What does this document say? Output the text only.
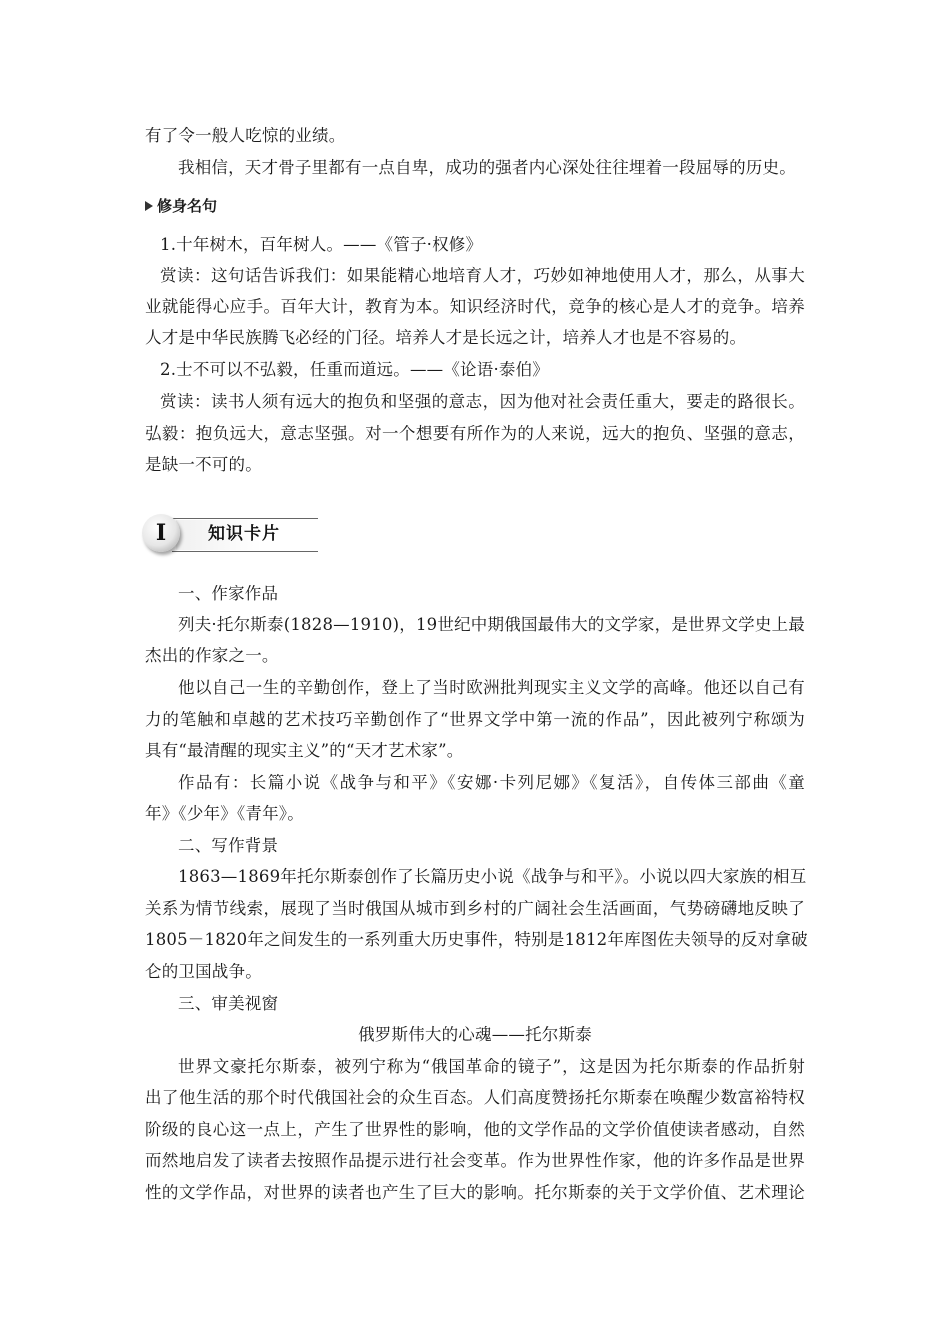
有了令一般人吃惊的业绩。
我相信，天才骨子里都有一点自卑，成功的强者内心深处往往埋着一段屈辱的历史。
修身名句
1.十年树木，百年树人。——《管子·权修》
赏读：这句话告诉我们：如果能精心地培育人才，巧妙如神地使用人才，那么，从事大
业就能得心应手。百年大计，教育为本。知识经济时代，竞争的核心是人才的竞争。培养
人才是中华民族腾飞必经的门径。培养人才是长远之计，培养人才也是不容易的。
2.士不可以不弘毅，任重而道远。——《论语·泰伯》
赏读：读书人须有远大的抱负和坚强的意志，因为他对社会责任重大，要走的路很长。
弘毅：抱负远大，意志坚强。对一个想要有所作为的人来说，远大的抱负、坚强的意志，
是缺一不可的。
I	知识卡片
一、作家作品
列夫·托尔斯泰(1828—1910)，19世纪中期俄国最伟大的文学家，是世界文学史上最
杰出的作家之一。
他以自己一生的辛勤创作，登上了当时欧洲批判现实主义文学的高峰。他还以自己有
力的笔触和卓越的艺术技巧辛勤创作了“世界文学中第一流的作品”，因此被列宁称颂为
具有“最清醒的现实主义”的“天才艺术家”。
作品有：长篇小说《战争与和平》《安娜·卡列尼娜》《复活》，自传体三部曲《童
年》《少年》《青年》。
二、写作背景
1863—1869年托尔斯泰创作了长篇历史小说《战争与和平》。小说以四大家族的相互
关系为情节线索，展现了当时俄国从城市到乡村的广阔社会生活画面，气势磅礴地反映了
1805－1820年之间发生的一系列重大历史事件，特别是1812年库图佐夫领导的反对拿破
仑的卫国战争。
三、审美视窗
俄罗斯伟大的心魂——托尔斯泰
世界文豪托尔斯泰，被列宁称为“俄国革命的镜子”，这是因为托尔斯泰的作品折射
出了他生活的那个时代俄国社会的众生百态。人们高度赞扬托尔斯泰在唤醒少数富裕特权
阶级的良心这一点上，产生了世界性的影响，他的文学作品的文学价值使读者感动，自然
而然地启发了读者去按照作品提示进行社会变革。作为世界性作家，他的许多作品是世界
性的文学作品，对世界的读者也产生了巨大的影响。托尔斯泰的关于文学价值、艺术理论
